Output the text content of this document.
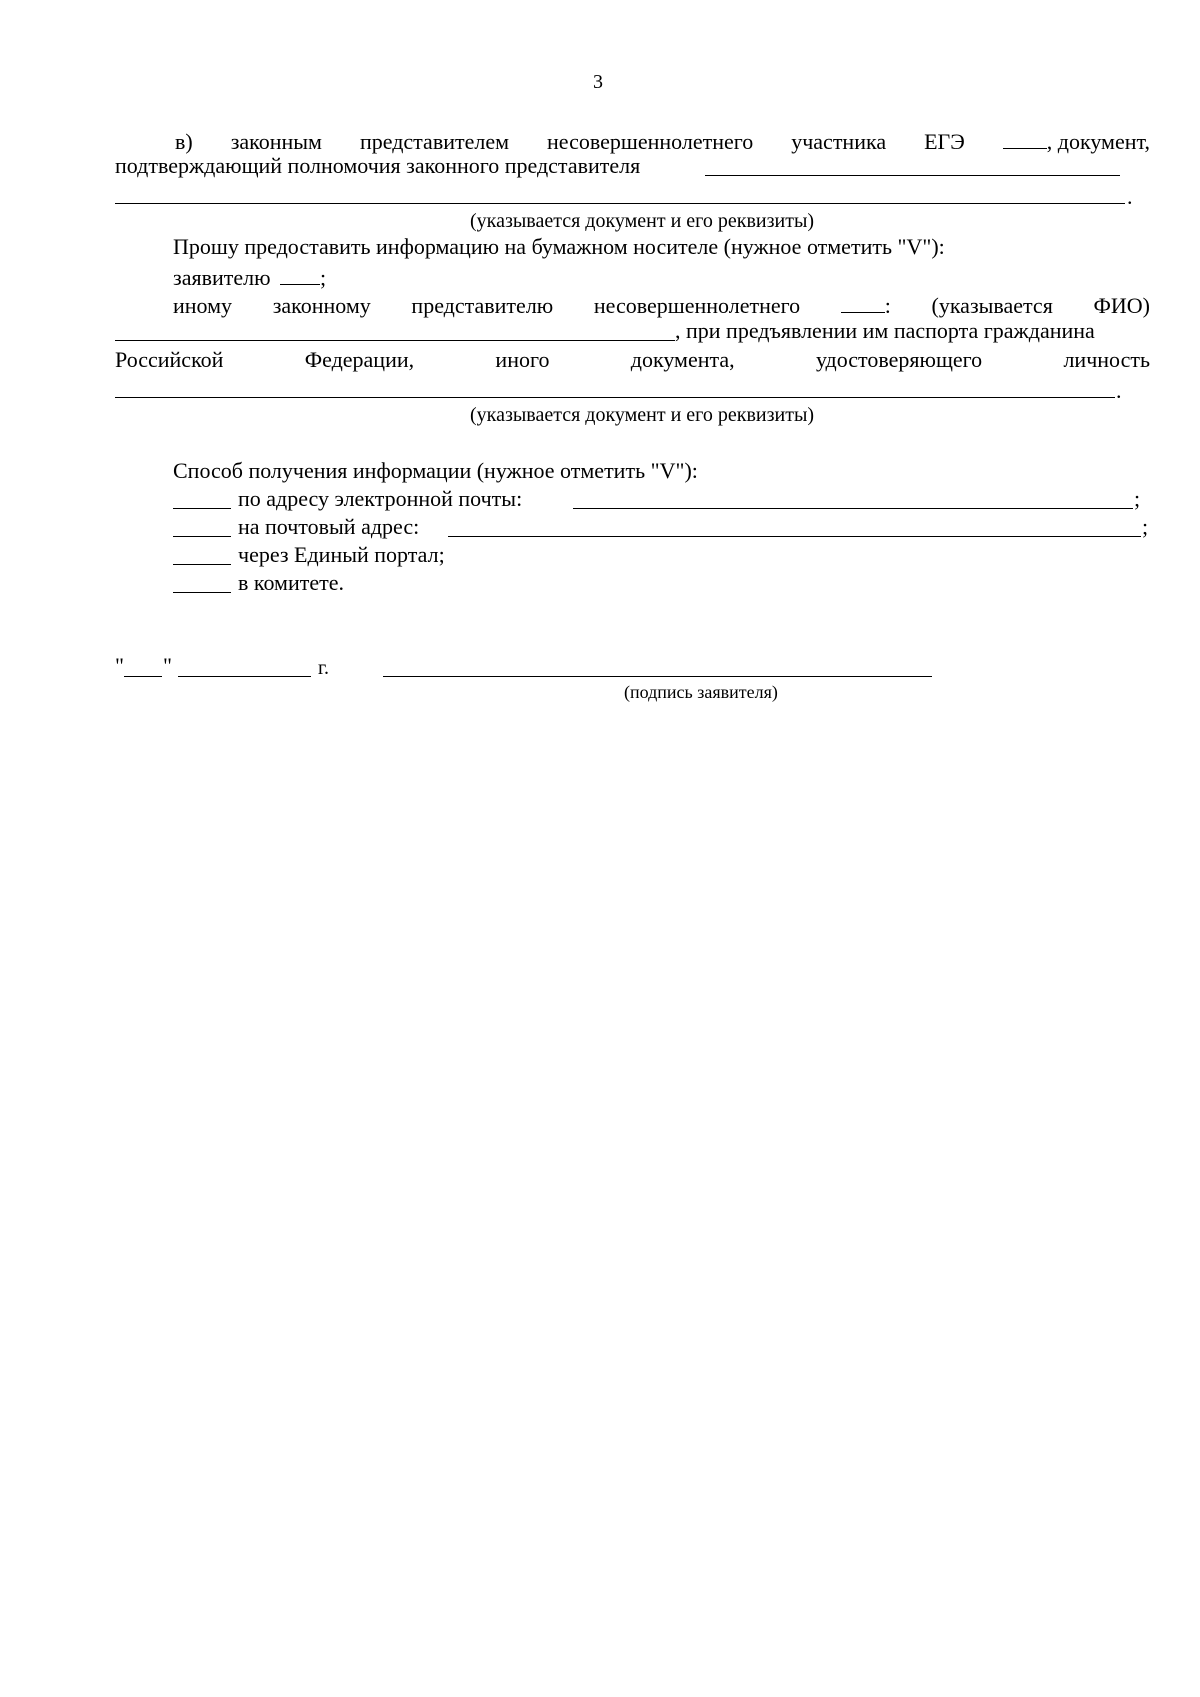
3
в) законным представителем несовершеннолетнего участника ЕГЭ	, документ,
подтверждающий полномочия законного представителя
.
(указывается документ и его реквизиты)
Прошу предоставить информацию на бумажном носителе (нужное отметить "V"):
заявителю ;
иному законному представителю несовершеннолетнего	: (указывается ФИО)
, при предъявлении им паспорта гражданина
Российской	Федерации,	иного	документа,	удостоверяющего	личность
.
(указывается документ и его реквизиты)
Способ получения информации (нужное отметить "V"):
по адресу электронной почты:	;
на почтовый адрес:	;
через Единый портал;
в комитете.
" "	г.
(подпись заявителя)
